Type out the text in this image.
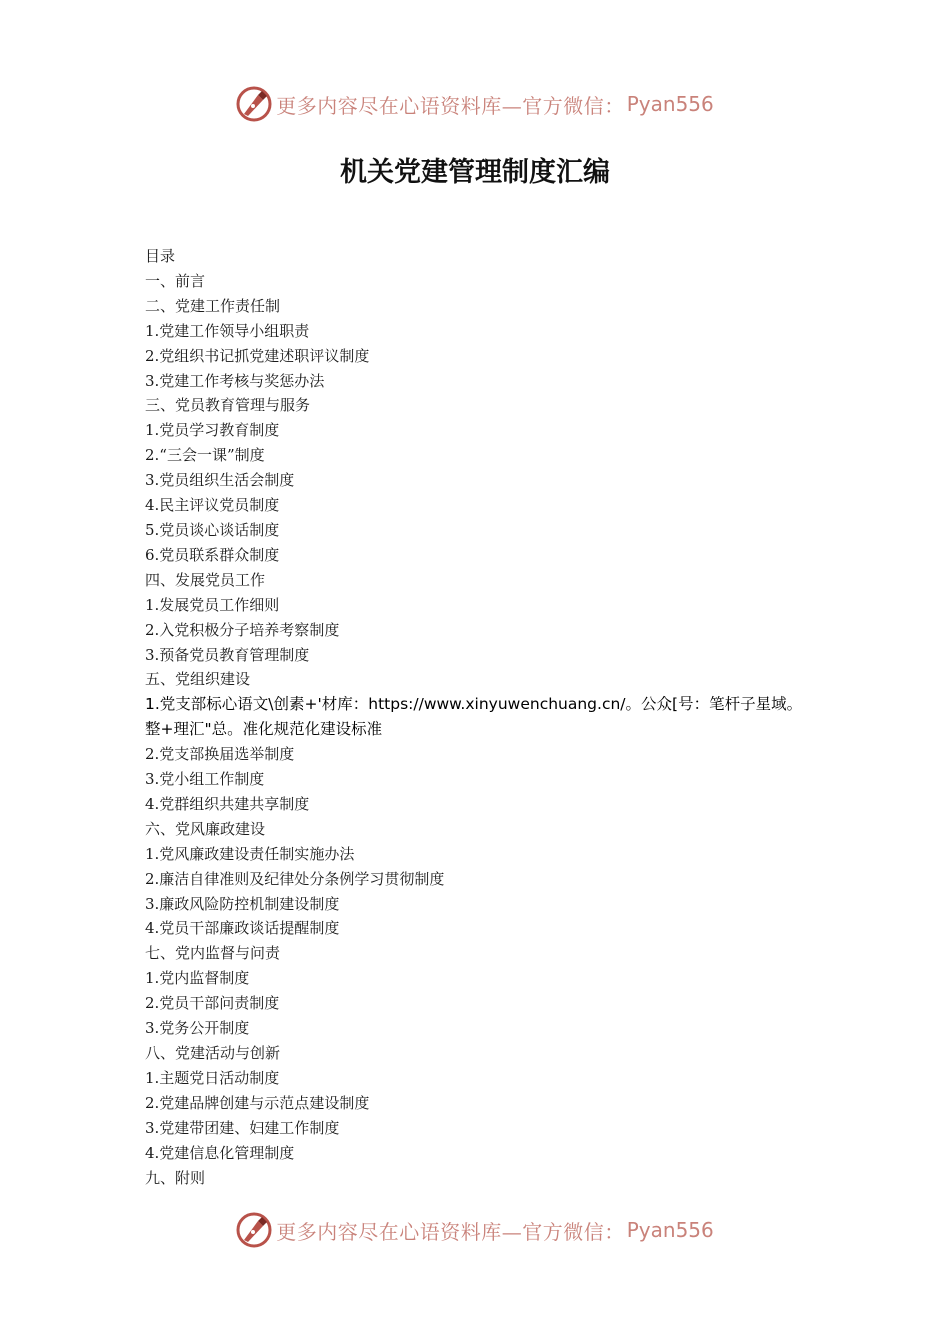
更多内容尽在心语资料库—官方微信： Pyan556
机关党建管理制度汇编
目录
一、前言
二、党建工作责任制
1.党建工作领导小组职责
2.党组织书记抓党建述职评议制度
3.党建工作考核与奖惩办法
三、党员教育管理与服务
1.党员学习教育制度
2.“三会一课”制度
3.党员组织生活会制度
4.民主评议党员制度
5.党员谈心谈话制度
6.党员联系群众制度
四、发展党员工作
1.发展党员工作细则
2.入党积极分子培养考察制度
3.预备党员教育管理制度
五、党组织建设
1.党支部标心语文\创素+'材库：https://www.xinyuwenchuang.cn/。公众[号：笔杆子星域。整+理汇"总。准化规范化建设标准
2.党支部换届选举制度
3.党小组工作制度
4.党群组织共建共享制度
六、党风廉政建设
1.党风廉政建设责任制实施办法
2.廉洁自律准则及纪律处分条例学习贯彻制度
3.廉政风险防控机制建设制度
4.党员干部廉政谈话提醒制度
七、党内监督与问责
1.党内监督制度
2.党员干部问责制度
3.党务公开制度
八、党建活动与创新
1.主题党日活动制度
2.党建品牌创建与示范点建设制度
3.党建带团建、妇建工作制度
4.党建信息化管理制度
九、附则
更多内容尽在心语资料库—官方微信： Pyan556
